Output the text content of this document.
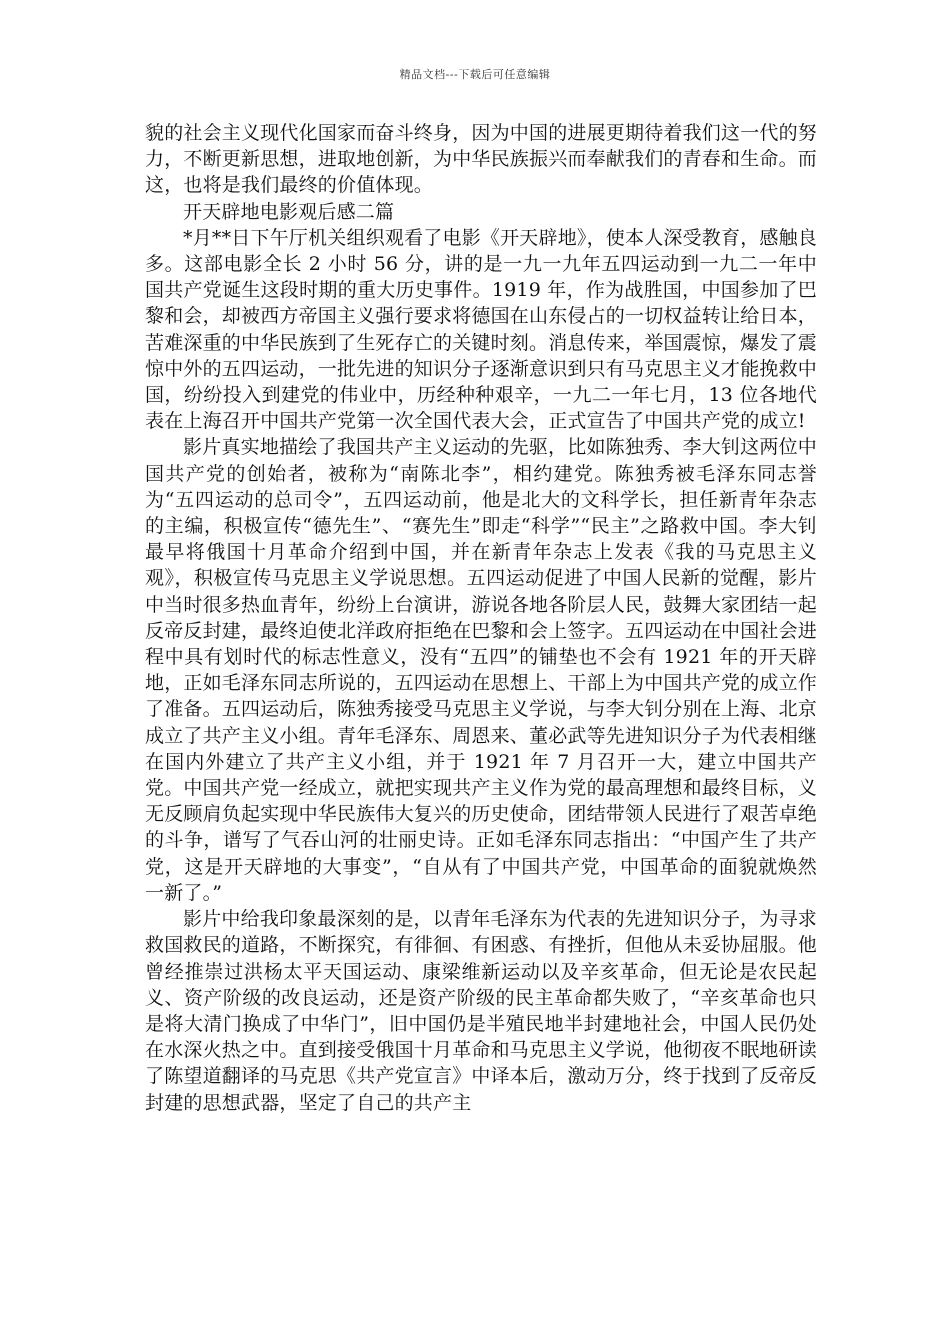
精品文档---下载后可任意编辑

貌的社会主义现代化国家而奋斗终身，因为中国的进展更期待着我们这一代的努力，不断更新思想，进取地创新，为中华民族振兴而奉献我们的青春和生命。而这，也将是我们最终的价值体现。

开天辟地电影观后感二篇

*月**日下午厅机关组织观看了电影《开天辟地》，使本人深受教育，感触良多。这部电影全长 2 小时 56 分，讲的是一九一九年五四运动到一九二一年中国共产党诞生这段时期的重大历史事件。1919 年，作为战胜国，中国参加了巴黎和会，却被西方帝国主义强行要求将德国在山东侵占的一切权益转让给日本，苦难深重的中华民族到了生死存亡的关键时刻。消息传来，举国震惊，爆发了震惊中外的五四运动，一批先进的知识分子逐渐意识到只有马克思主义才能挽救中国，纷纷投入到建党的伟业中，历经种种艰辛，一九二一年七月，13 位各地代表在上海召开中国共产党第一次全国代表大会，正式宣告了中国共产党的成立!

影片真实地描绘了我国共产主义运动的先驱，比如陈独秀、李大钊这两位中国共产党的创始者，被称为“南陈北李”，相约建党。陈独秀被毛泽东同志誉为“五四运动的总司令”，五四运动前，他是北大的文科学长，担任新青年杂志的主编，积极宣传“德先生”、“赛先生”即走“科学”“民主”之路救中国。李大钊最早将俄国十月革命介绍到中国，并在新青年杂志上发表《我的马克思主义观》，积极宣传马克思主义学说思想。五四运动促进了中国人民新的觉醒，影片中当时很多热血青年，纷纷上台演讲，游说各地各阶层人民，鼓舞大家团结一起反帝反封建，最终迫使北洋政府拒绝在巴黎和会上签字。五四运动在中国社会进程中具有划时代的标志性意义，没有“五四”的铺垫也不会有 1921 年的开天辟地，正如毛泽东同志所说的，五四运动在思想上、干部上为中国共产党的成立作了准备。五四运动后，陈独秀接受马克思主义学说，与李大钊分别在上海、北京成立了共产主义小组。青年毛泽东、周恩来、董必武等先进知识分子为代表相继在国内外建立了共产主义小组，并于 1921 年 7 月召开一大，建立中国共产党。中国共产党一经成立，就把实现共产主义作为党的最高理想和最终目标，义无反顾肩负起实现中华民族伟大复兴的历史使命，团结带领人民进行了艰苦卓绝的斗争，谱写了气吞山河的壮丽史诗。正如毛泽东同志指出：“中国产生了共产党，这是开天辟地的大事变”，“自从有了中国共产党，中国革命的面貌就焕然一新了。”

影片中给我印象最深刻的是，以青年毛泽东为代表的先进知识分子，为寻求救国救民的道路，不断探究，有徘徊、有困惑、有挫折，但他从未妥协屈服。他曾经推崇过洪杨太平天国运动、康梁维新运动以及辛亥革命，但无论是农民起义、资产阶级的改良运动，还是资产阶级的民主革命都失败了，“辛亥革命也只是将大清门换成了中华门”，旧中国仍是半殖民地半封建地社会，中国人民仍处在水深火热之中。直到接受俄国十月革命和马克思主义学说，他彻夜不眠地研读了陈望道翻译的马克思《共产党宣言》中译本后，激动万分，终于找到了反帝反封建的思想武器，坚定了自己的共产主
